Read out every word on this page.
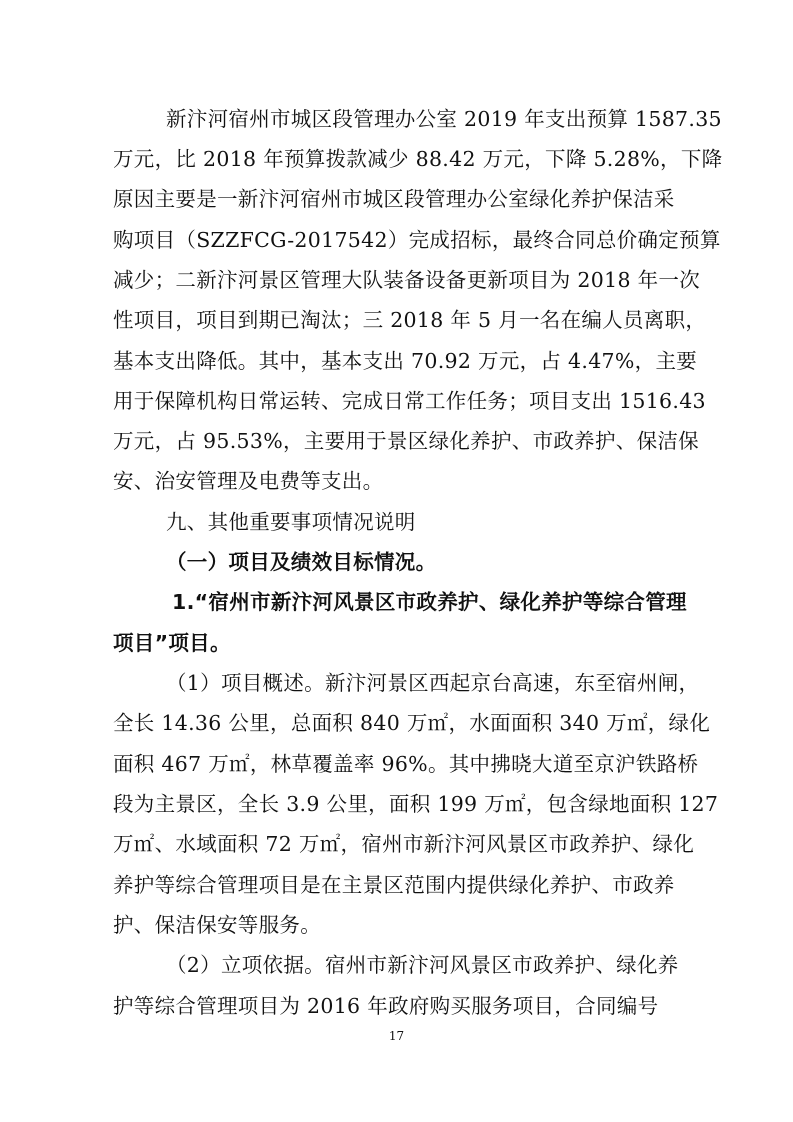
新汴河宿州市城区段管理办公室 2019 年支出预算 1587.35
万元，比 2018 年预算拨款减少 88.42 万元，下降 5.28%，下降
原因主要是一新汴河宿州市城区段管理办公室绿化养护保洁采
购项目（SZZFCG-2017542）完成招标，最终合同总价确定预算
减少；二新汴河景区管理大队装备设备更新项目为 2018 年一次
性项目，项目到期已淘汰；三 2018 年 5 月一名在编人员离职，
基本支出降低。其中，基本支出 70.92 万元，占 4.47%，主要
用于保障机构日常运转、完成日常工作任务；项目支出 1516.43
万元，占 95.53%，主要用于景区绿化养护、市政养护、保洁保
安、治安管理及电费等支出。
九、其他重要事项情况说明
（一）项目及绩效目标情况。
1.“宿州市新汴河风景区市政养护、绿化养护等综合管理
项目”项目。
（1）项目概述。新汴河景区西起京台高速，东至宿州闸，
全长 14.36 公里，总面积 840 万㎡，水面面积 340 万㎡，绿化
面积 467 万㎡，林草覆盖率 96%。其中拂晓大道至京沪铁路桥
段为主景区，全长 3.9 公里，面积 199 万㎡，包含绿地面积 127
万㎡、水域面积 72 万㎡，宿州市新汴河风景区市政养护、绿化
养护等综合管理项目是在主景区范围内提供绿化养护、市政养
护、保洁保安等服务。
（2）立项依据。宿州市新汴河风景区市政养护、绿化养
护等综合管理项目为 2016 年政府购买服务项目，合同编号
17
